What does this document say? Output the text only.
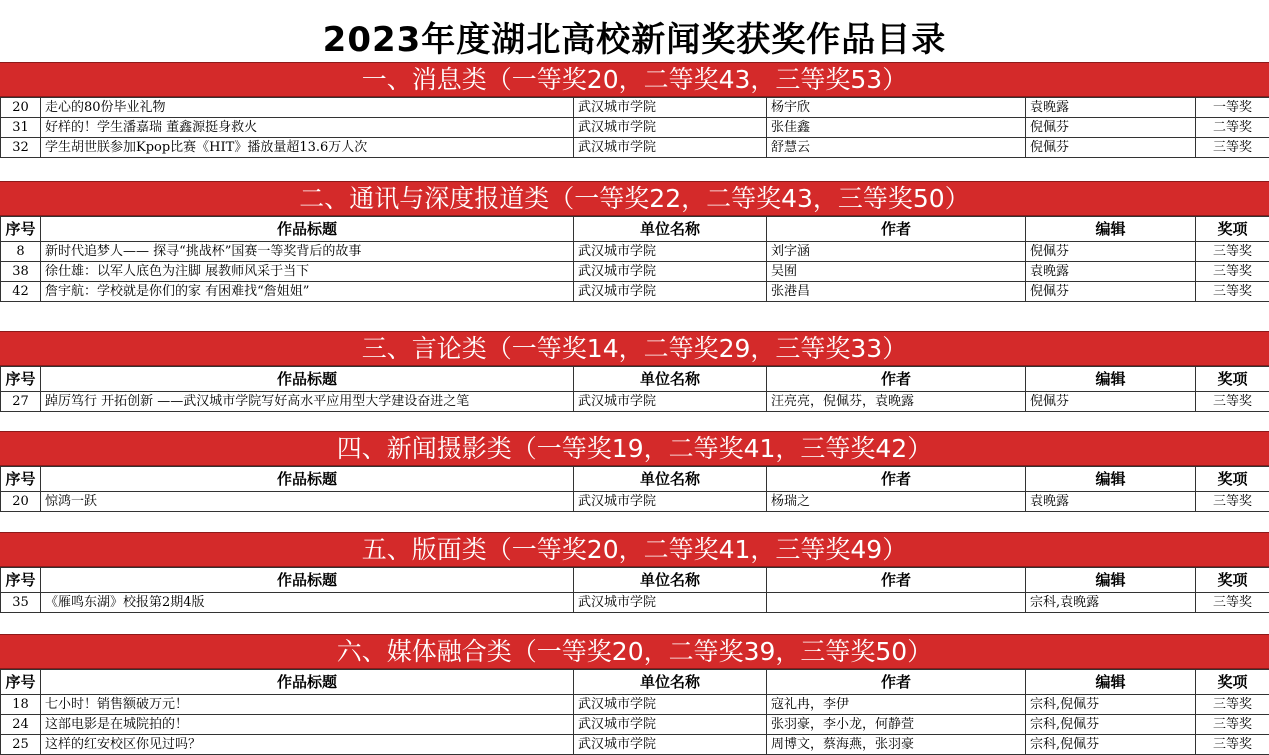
2023年度湖北高校新闻奖获奖作品目录
一、消息类（一等奖20，二等奖43，三等奖53）
20	走心的80份毕业礼物	武汉城市学院	杨宇欣	袁晚露	一等奖
31	好样的！学生潘嘉瑞 董鑫源挺身救火	武汉城市学院	张佳鑫	倪佩芬	二等奖
32	学生胡世朕参加Kpop比赛《HIT》播放量超13.6万人次	武汉城市学院	舒慧云	倪佩芬	三等奖
二、通讯与深度报道类（一等奖22，二等奖43，三等奖50）
序号	作品标题	单位名称	作者	编辑	奖项
8	新时代追梦人—— 探寻“挑战杯”国赛一等奖背后的故事	武汉城市学院	刘字涵	倪佩芬	三等奖
38	徐仕雄：以军人底色为注脚 展教师风采于当下	武汉城市学院	吴囿	袁晚露	三等奖
42	詹宇航：学校就是你们的家 有困难找“詹姐姐”	武汉城市学院	张港昌	倪佩芬	三等奖
三、言论类（一等奖14，二等奖29，三等奖33）
序号	作品标题	单位名称	作者	编辑	奖项
27	踔厉笃行 开拓创新 ——武汉城市学院写好高水平应用型大学建设奋进之笔	武汉城市学院	汪亮亮，倪佩芬，袁晚露	倪佩芬	三等奖
四、新闻摄影类（一等奖19，二等奖41，三等奖42）
序号	作品标题	单位名称	作者	编辑	奖项
20	惊鸿一跃	武汉城市学院	杨瑞之	袁晚露	三等奖
五、版面类（一等奖20，二等奖41，三等奖49）
序号	作品标题	单位名称	作者	编辑	奖项
35	《雁鸣东湖》校报第2期4版	武汉城市学院		宗科,袁晚露	三等奖
六、媒体融合类（一等奖20，二等奖39，三等奖50）
序号	作品标题	单位名称	作者	编辑	奖项
18	七小时！销售额破万元！	武汉城市学院	寇礼冉，李伊	宗科,倪佩芬	三等奖
24	这部电影是在城院拍的！	武汉城市学院	张羽豪，李小龙，何静萱	宗科,倪佩芬	三等奖
25	这样的红安校区你见过吗？	武汉城市学院	周博文，蔡海燕，张羽豪	宗科,倪佩芬	三等奖
